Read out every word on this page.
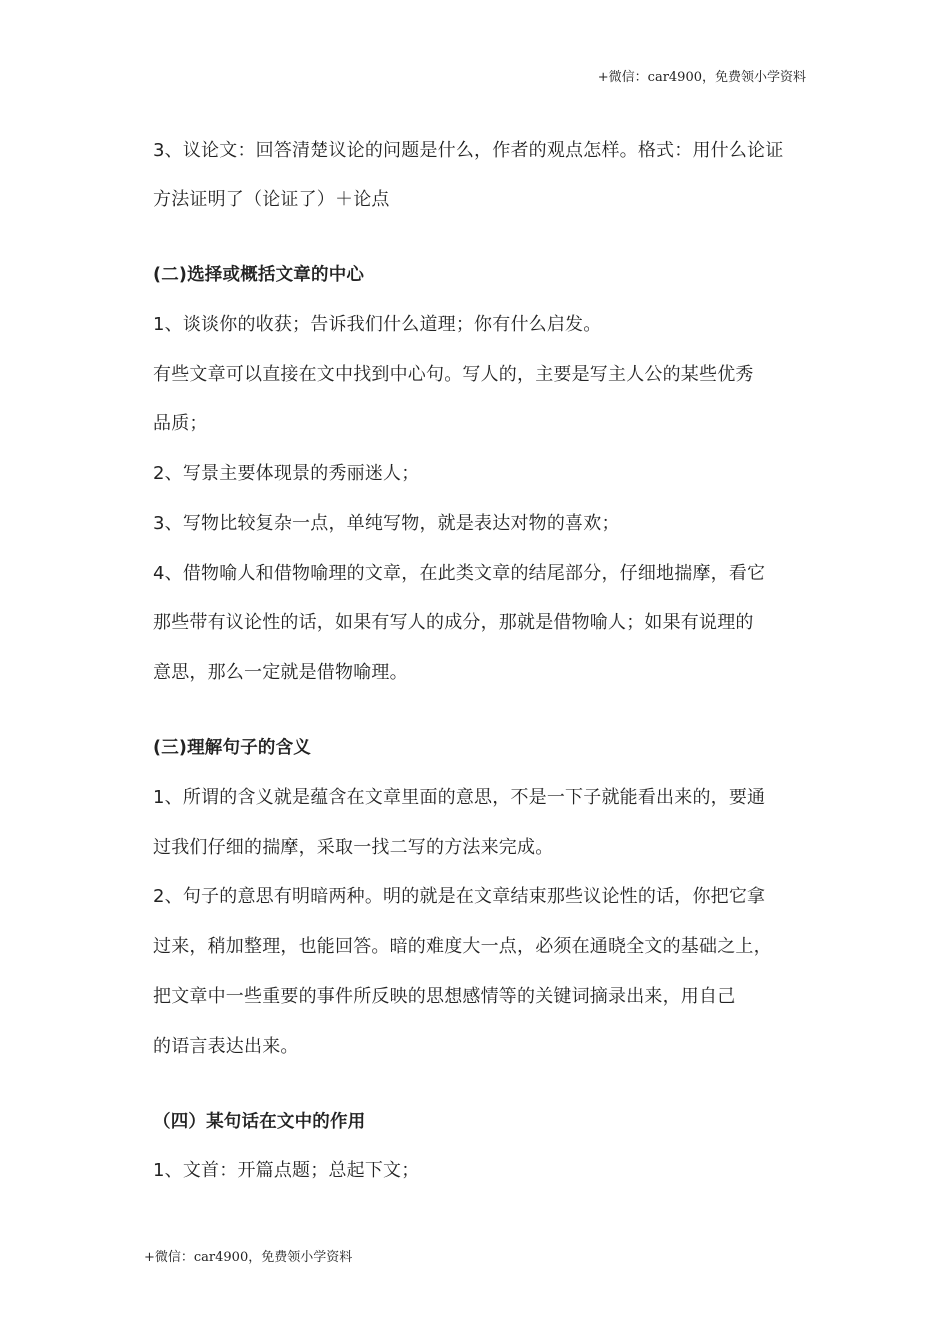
+微信：car4900，免费领小学资料
3、议论文：回答清楚议论的问题是什么，作者的观点怎样。格式：用什么论证
方法证明了（论证了）＋论点
(二)选择或概括文章的中心
1、谈谈你的收获；告诉我们什么道理；你有什么启发。
有些文章可以直接在文中找到中心句。写人的，主要是写主人公的某些优秀
品质；
2、写景主要体现景的秀丽迷人；
3、写物比较复杂一点，单纯写物，就是表达对物的喜欢；
4、借物喻人和借物喻理的文章，在此类文章的结尾部分，仔细地揣摩，看它
那些带有议论性的话，如果有写人的成分，那就是借物喻人；如果有说理的
意思，那么一定就是借物喻理。
(三)理解句子的含义
1、所谓的含义就是蕴含在文章里面的意思，不是一下子就能看出来的，要通
过我们仔细的揣摩，采取一找二写的方法来完成。
2、句子的意思有明暗两种。明的就是在文章结束那些议论性的话，你把它拿
过来，稍加整理，也能回答。暗的难度大一点，必须在通晓全文的基础之上，
把文章中一些重要的事件所反映的思想感情等的关键词摘录出来，用自己
的语言表达出来。
（四）某句话在文中的作用
1、文首：开篇点题；总起下文；
+微信：car4900，免费领小学资料
